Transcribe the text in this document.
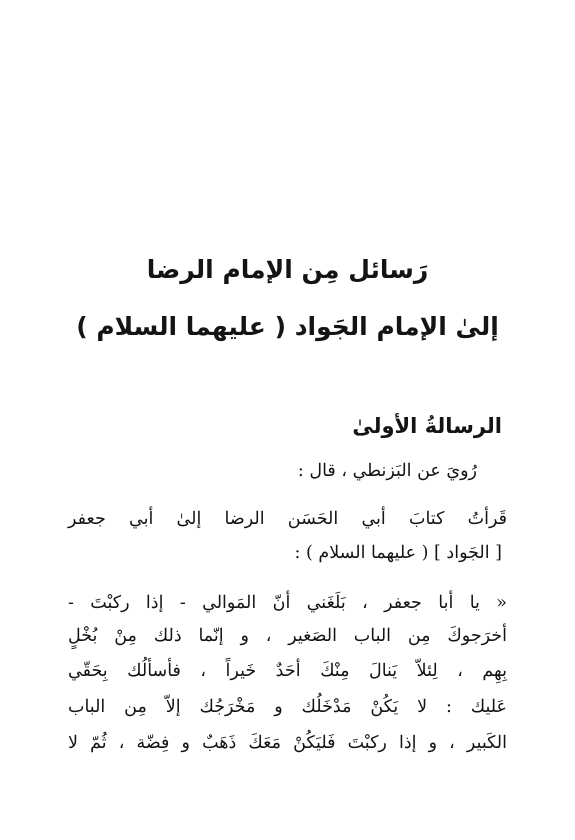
رَسائل مِن الإمام الرضا
إلىٰ الإمام الجَواد ( عليهما السلام )
الرسالةُ الأولىٰ
رُويَ عن البَزنطي ، قال :
قَرأتُ كتابَ أبي الحَسَن الرضا إلىٰ أبي جعفر
[ الجَواد ] ( عليهما السلام ) :
« يا أبا جعفر ، بَلَغَني أنّ المَوالي - إذا ركبْتَ -
أخرَجوكَ مِن الباب الصَغير ، و إنّما ذلك مِنْ بُخْلٍ
بِهِم ، لِئلاّ يَنالَ مِنْكَ أحَدٌ خَيراً ، فأسألُك بِحَقّي
عَليك : لا يَكُنْ مَدْخَلُك و مَخْرَجُك إلاّ مِن الباب
الكَبير ، و إذا ركبْتَ فَليَكُنْ مَعَكَ ذَهَبٌ و فِضّة ، ثُمّ لا
